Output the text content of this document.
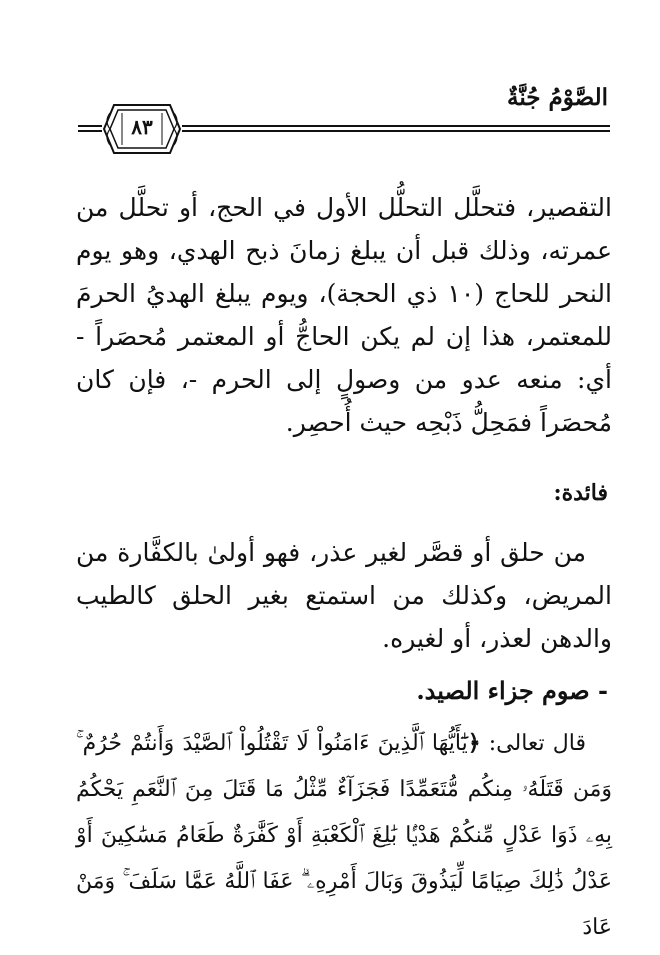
الصَّوْمُ جُنَّةٌ
٨٣

التقصير، فتحلَّل التحلُّل الأول في الحج، أو تحلَّل من عمرته، وذلك قبل أن يبلغ زمانَ ذبح الهدي، وهو يوم النحر للحاج (١٠ ذي الحجة)، ويوم يبلغ الهديُ الحرمَ للمعتمر، هذا إن لم يكن الحاجُّ أو المعتمر مُحصَراً - أي: منعه عدو من وصولٍ إلى الحرم -، فإن كان مُحصَراً فمَحِلُّ ذَبْحِه حيث أُحصِر.

فائدة:

من حلق أو قصَّر لغير عذر، فهو أولىٰ بالكفَّارة من المريض، وكذلك من استمتع بغير الحلق كالطيب والدهن لعذر، أو لغيره.

- صوم جزاء الصيد.

قال تعالى: ﴿يَٰٓأَيُّهَا ٱلَّذِينَ ءَامَنُواْ لَا تَقْتُلُواْ ٱلصَّيْدَ وَأَنتُمْ حُرُمٌ ۚ وَمَن قَتَلَهُۥ مِنكُم مُّتَعَمِّدًا فَجَزَآءٌ مِّثْلُ مَا قَتَلَ مِنَ ٱلنَّعَمِ يَحْكُمُ بِهِۦ ذَوَا عَدْلٍ مِّنكُمْ هَدْيًۢا بَٰلِغَ ٱلْكَعْبَةِ أَوْ كَفَّٰرَةٌ طَعَامُ مَسَٰكِينَ أَوْ عَدْلُ ذَٰلِكَ صِيَامًا لِّيَذُوقَ وَبَالَ أَمْرِهِۦ ۗ عَفَا ٱللَّهُ عَمَّا سَلَفَ ۚ وَمَنْ عَادَ
